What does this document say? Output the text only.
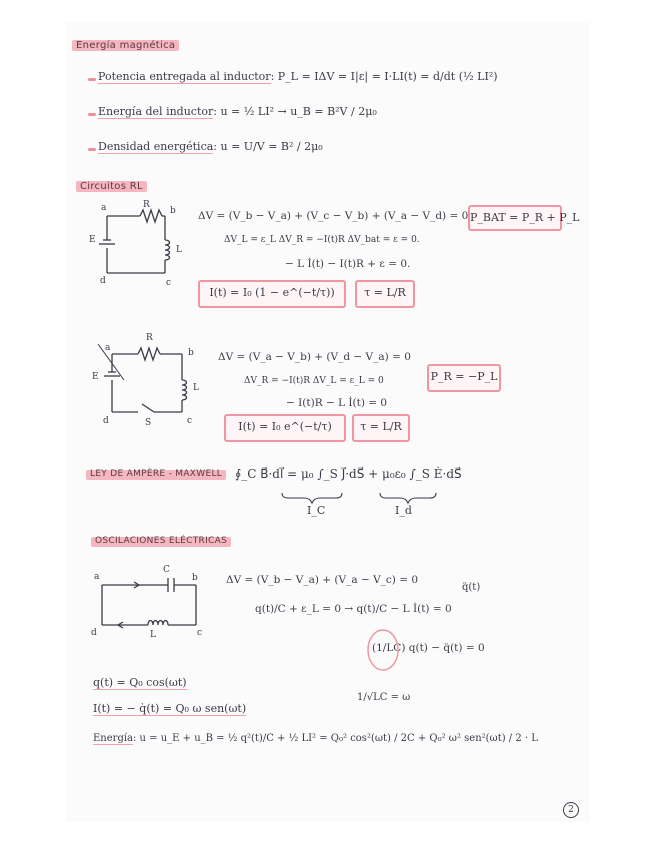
Energía magnética
Potencia entregada al inductor: P_L = IΔV = I|ε| = I·LI(t) = d/dt (½ LI²)
Energía del inductor: u = ½ LI² → u_B = B²V / 2μ₀
Densidad energética: u = U/V = B² / 2μ₀
Circuitos RL
a	R
b
E
L
d	c
ΔV = (V_b − V_a) + (V_c − V_b) + (V_a − V_d) = 0
ΔV_L = ε_L ΔV_R = −I(t)R ΔV_bat = ε = 0.
− L İ(t) − I(t)R + ε = 0.
P_BAT = P_R + P_L
I(t) = I₀ (1 − e^(−t/τ))	τ = L/R
a
R
b
E
L
d	S	c
ΔV = (V_a − V_b) + (V_d − V_a) = 0
ΔV_R = −I(t)R ΔV_L = ε_L = 0
− I(t)R − L İ(t) = 0
P_R = −P_L
I(t) = I₀ e^(−t/τ)	τ = L/R
LEY DE AMPÈRE - MAXWELL	∮_C B⃗·dl⃗ = μ₀ ∫_S J⃗·dS⃗ + μ₀ε₀ ∫_S Ė·dS⃗
I_C	I_d
OSCILACIONES ELÉCTRICAS
a
C
b
d	L	c
ΔV = (V_b − V_a) + (V_a − V_c) = 0
q̈(t)
q(t)/C + ε_L = 0 → q(t)/C − L İ(t) = 0
(1/LC) q(t) − q̈(t) = 0
1/√LC = ω
q(t) = Q₀ cos(ωt)
I(t) = − q̇(t) = Q₀ ω sen(ωt)
Energía: u = u_E + u_B = ½ q²(t)/C + ½ LI² = Q₀² cos²(ωt) / 2C + Q₀² ω² sen²(ωt) / 2 · L
2
